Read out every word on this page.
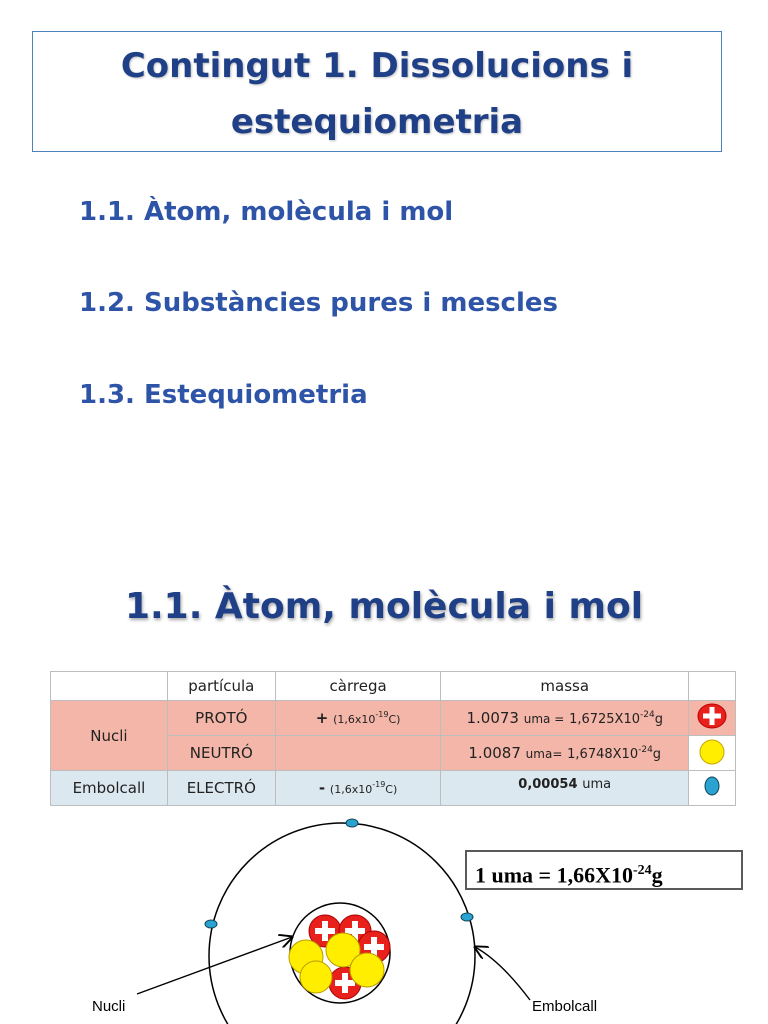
Contingut 1. Dissolucions i
estequiometria
1.1. Àtom, molècula i mol
1.2. Substàncies pures i mescles
1.3. Estequiometria
1.1. Àtom, molècula i mol
	partícula	càrrega	massa	
Nucli	PROTÓ	+ $(1,6x10^{-19}C)$	1.0073 uma = $1,6725X10^{-24}g$	
	NEUTRÓ		1.0087 $uma= 1,6748X10^{-24}g$	
Embolcall	ELECTRÓ	- $(1,6x10^{-19}C)$	0,00054 uma	
1 uma = $1,66X10^{-24}g$
Nucli	Embolcall
